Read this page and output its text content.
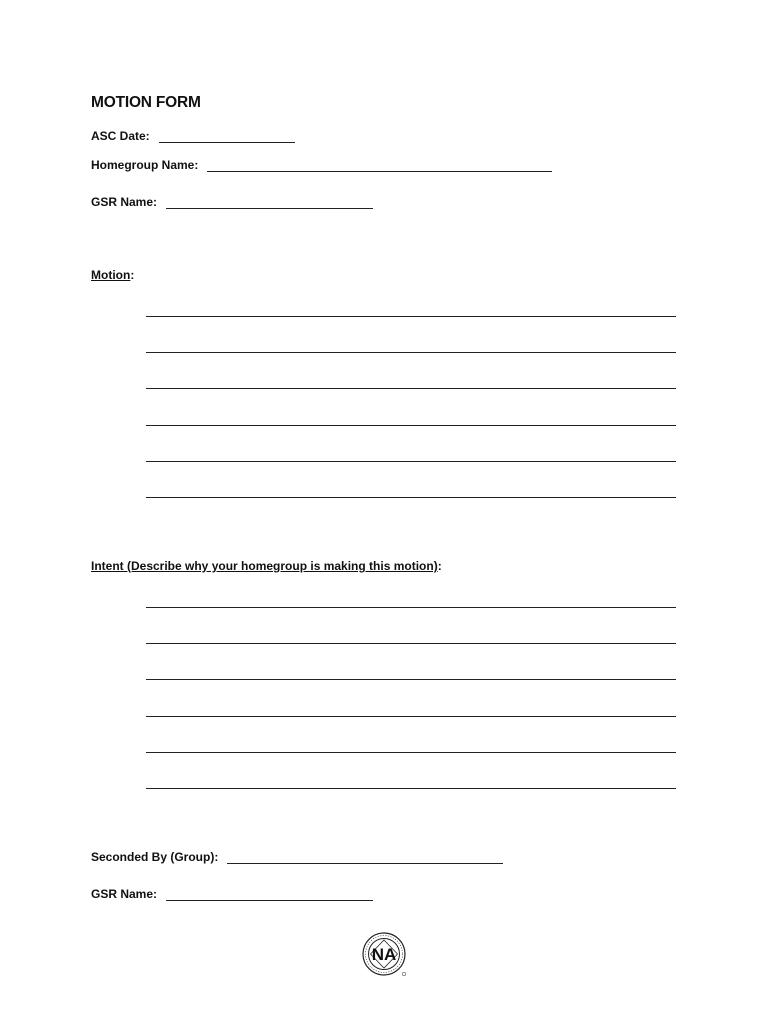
MOTION FORM
ASC Date:
Homegroup Name:
GSR Name:
Motion:
Intent (Describe why your homegroup is making this motion):
Seconded By (Group):
GSR Name:
NA
